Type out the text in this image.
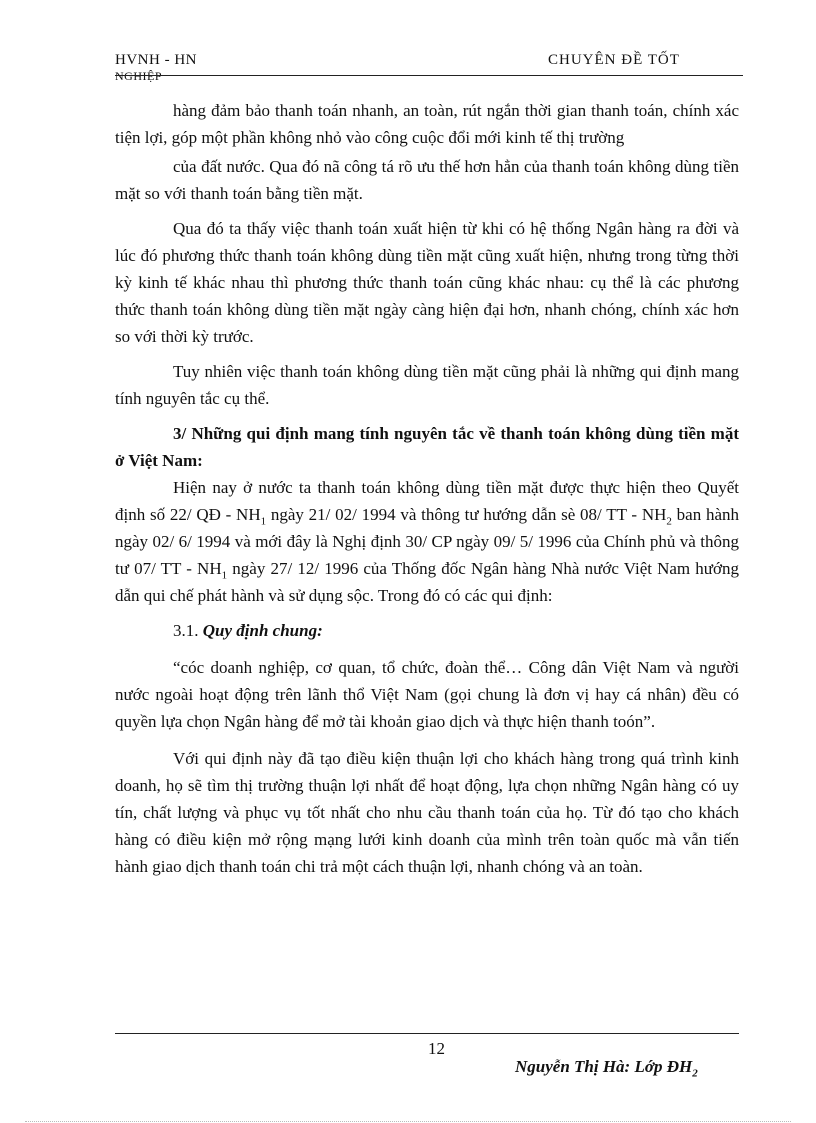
HVNH - HN
NGHIỆP
CHUYÊN ĐỀ TỐT

hàng đảm bảo thanh toán nhanh, an toàn, rút ngắn thời gian thanh toán, chính xác tiện lợi, góp một phần không nhỏ vào công cuộc đổi mới kinh tế thị trường

của đất nước. Qua đó nã công tá rõ ưu thế hơn hẳn của thanh toán không dùng tiền mặt so với thanh toán bằng tiền mặt.

Qua đó ta thấy việc thanh toán xuất hiện từ khi có hệ thống Ngân hàng ra đời và lúc đó phương thức thanh toán không dùng tiền mặt cũng xuất hiện, nhưng trong từng thời kỳ kinh tế khác nhau thì phương thức thanh toán cũng khác nhau: cụ thể là các phương thức thanh toán không dùng tiền mặt ngày càng hiện đại hơn, nhanh chóng, chính xác hơn so với thời kỳ trước.

Tuy nhiên việc thanh toán không dùng tiền mặt cũng phải là những qui định mang tính nguyên tắc cụ thể.

3/ Những qui định mang tính nguyên tắc về thanh toán không dùng tiền mặt ở Việt Nam:

Hiện nay ở nước ta thanh toán không dùng tiền mặt được thực hiện theo Quyết định số 22/ QĐ - $NH_1$ ngày 21/ 02/ 1994 và thông tư hướng dẫn sè 08/ TT - $NH_2$ ban hành ngày 02/ 6/ 1994 và mới đây là Nghị định 30/ CP ngày 09/ 5/ 1996 của Chính phủ và thông tư 07/ TT - $NH_1$ ngày 27/ 12/ 1996 của Thống đốc Ngân hàng Nhà nước Việt Nam hướng dẫn qui chế phát hành và sử dụng sộc. Trong đó có các qui định:

3.1. Quy định chung:

“cóc doanh nghiệp, cơ quan, tổ chức, đoàn thể… Công dân Việt Nam và người nước ngoài hoạt động trên lãnh thổ Việt Nam (gọi chung là đơn vị hay cá nhân) đều có quyền lựa chọn Ngân hàng để mở tài khoản giao dịch và thực hiện thanh toón”.

Với qui định này đã tạo điều kiện thuận lợi cho khách hàng trong quá trình kinh doanh, họ sẽ tìm thị trường thuận lợi nhất để hoạt động, lựa chọn những Ngân hàng có uy tín, chất lượng và phục vụ tốt nhất cho nhu cầu thanh toán của họ. Từ đó tạo cho khách hàng có điều kiện mở rộng mạng lưới kinh doanh của mình trên toàn quốc mà vẫn tiến hành giao dịch thanh toán chi trả một cách thuận lợi, nhanh chóng và an toàn.

12
Nguyễn Thị Hà: Lớp $ĐH_2$
